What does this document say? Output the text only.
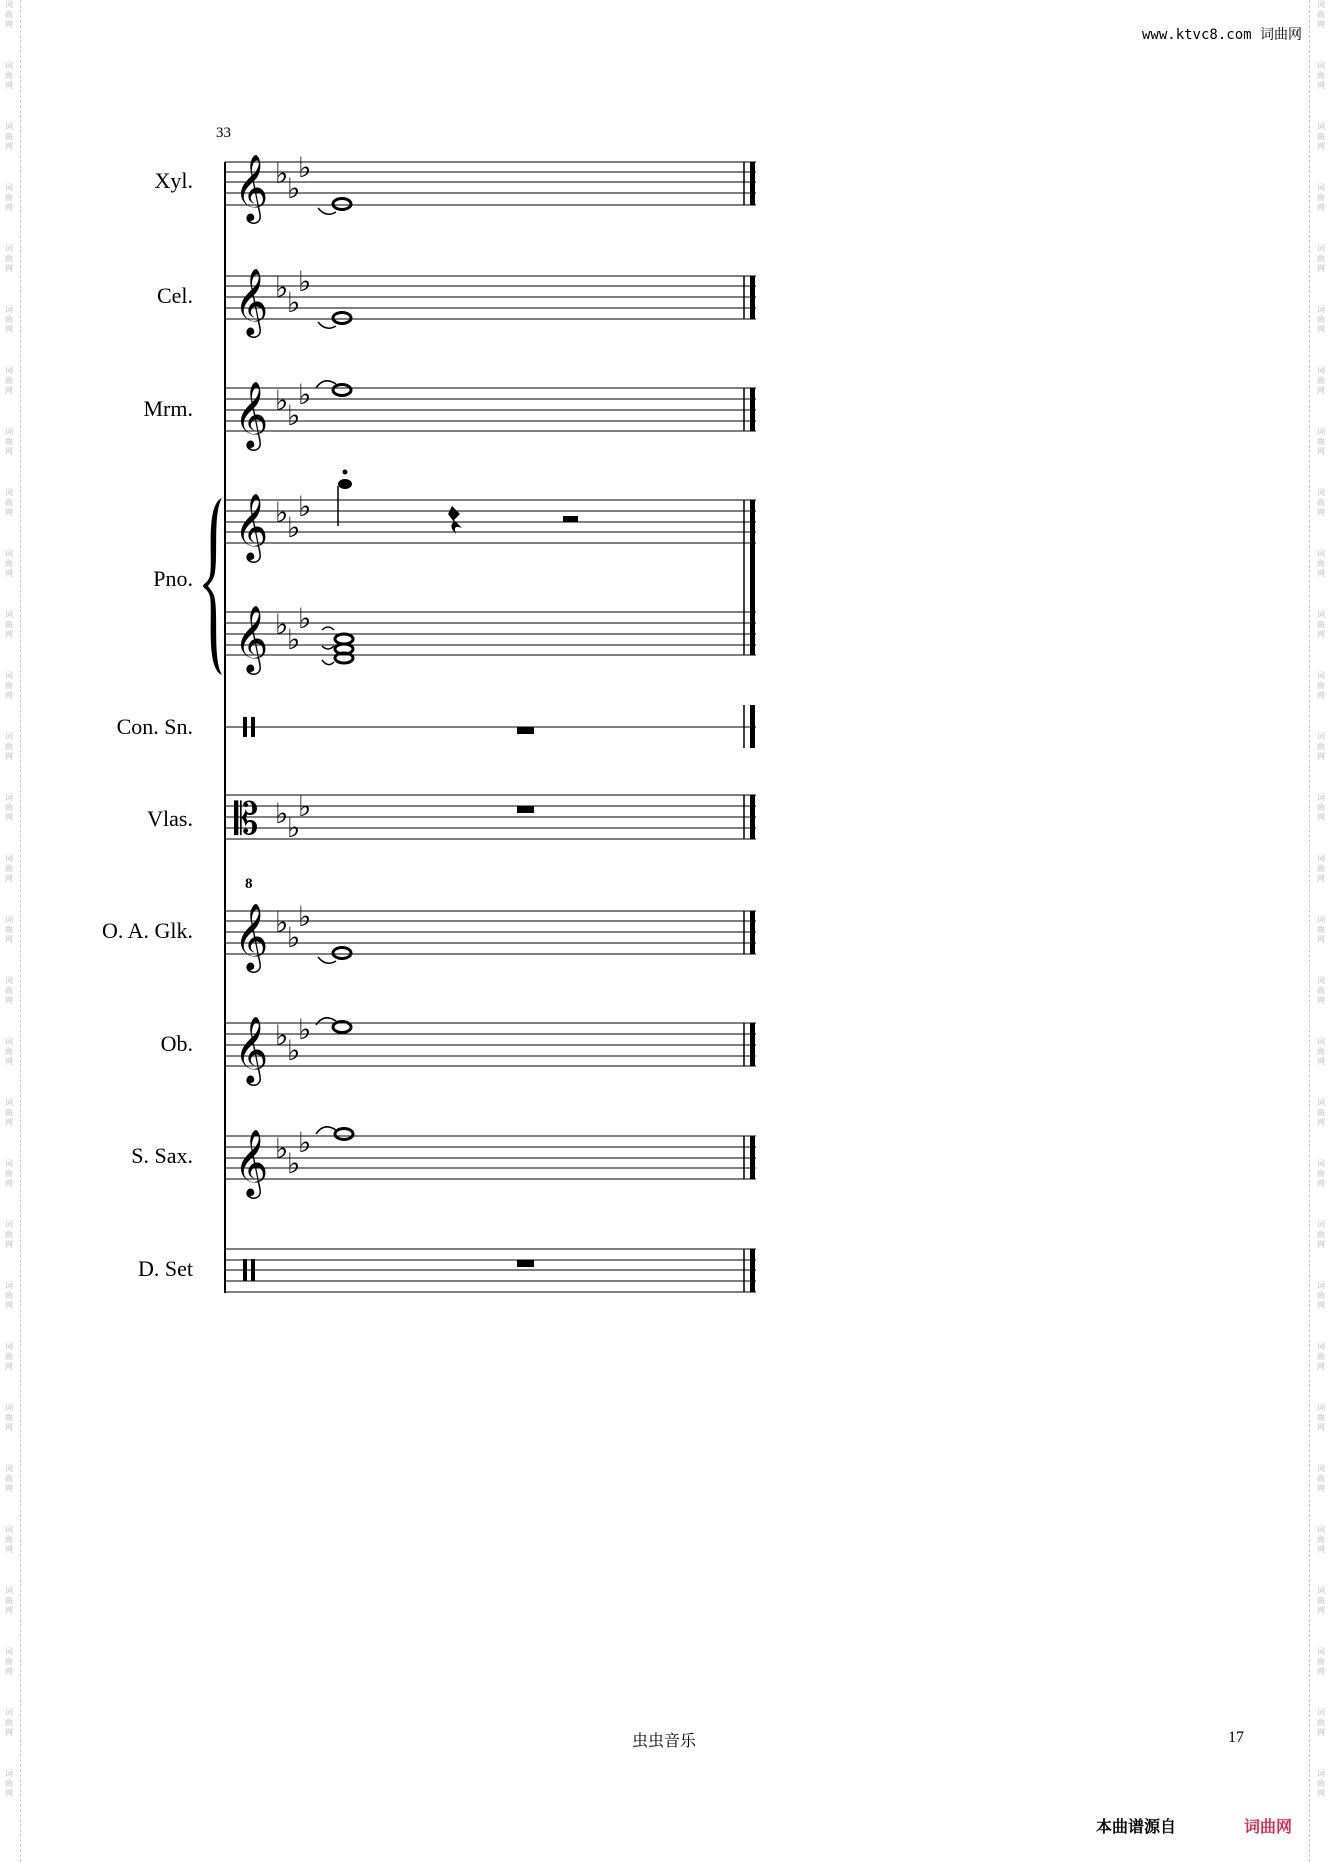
词
曲
网
词
曲
网
词
曲
网
词
曲
网
词
曲
网
词
曲
网
词
曲
网
词
曲
网
词
曲
网
词
曲
网
词
曲
网
词
曲
网
词
曲
网
词
曲
网
词
曲
网
词
曲
网
词
曲
网
词
曲
网
词
曲
网
词
曲
网
词
曲
网
词
曲
网
词
曲
网
词
曲
网
词
曲
网
词
曲
网
词
曲
网
词
曲
网
词
曲
网
词
曲
网
词
曲
网
词
曲
网
词
曲
网
词
曲
网
词
曲
网
词
曲
网
词
曲
网
词
曲
网
词
曲
网
词
曲
网
词
曲
网
词
曲
网
词
曲
网
词
曲
网
词
曲
网
词
曲
网
词
曲
网
词
曲
网
词
曲
网
词
曲
网
词
曲
网
词
曲
网
词
曲
网
词
曲
网
词
曲
网
词
曲
网
词
曲
网
词
曲
网
词
曲
网
词
曲
网
www.ktvc8.com 词曲网
33
Xyl.
Cel.
Mrm.
Pno.
Con. Sn.
Vlas.
O. A. Glk.
Ob.
S. Sax.
D. Set
𝄞 ♭
♭
♭
𝄞 ♭
♭
♭
𝄞 ♭
♭
♭
𝄞 ♭
♭
♭
𝄞 ♭
♭
♭
𝄡 ♭
♭
♭
8
𝄞 ♭
♭
♭
𝄞 ♭
♭
♭
𝄞 ♭
♭
♭
虫虫音乐	17
本曲谱源自	词曲网
